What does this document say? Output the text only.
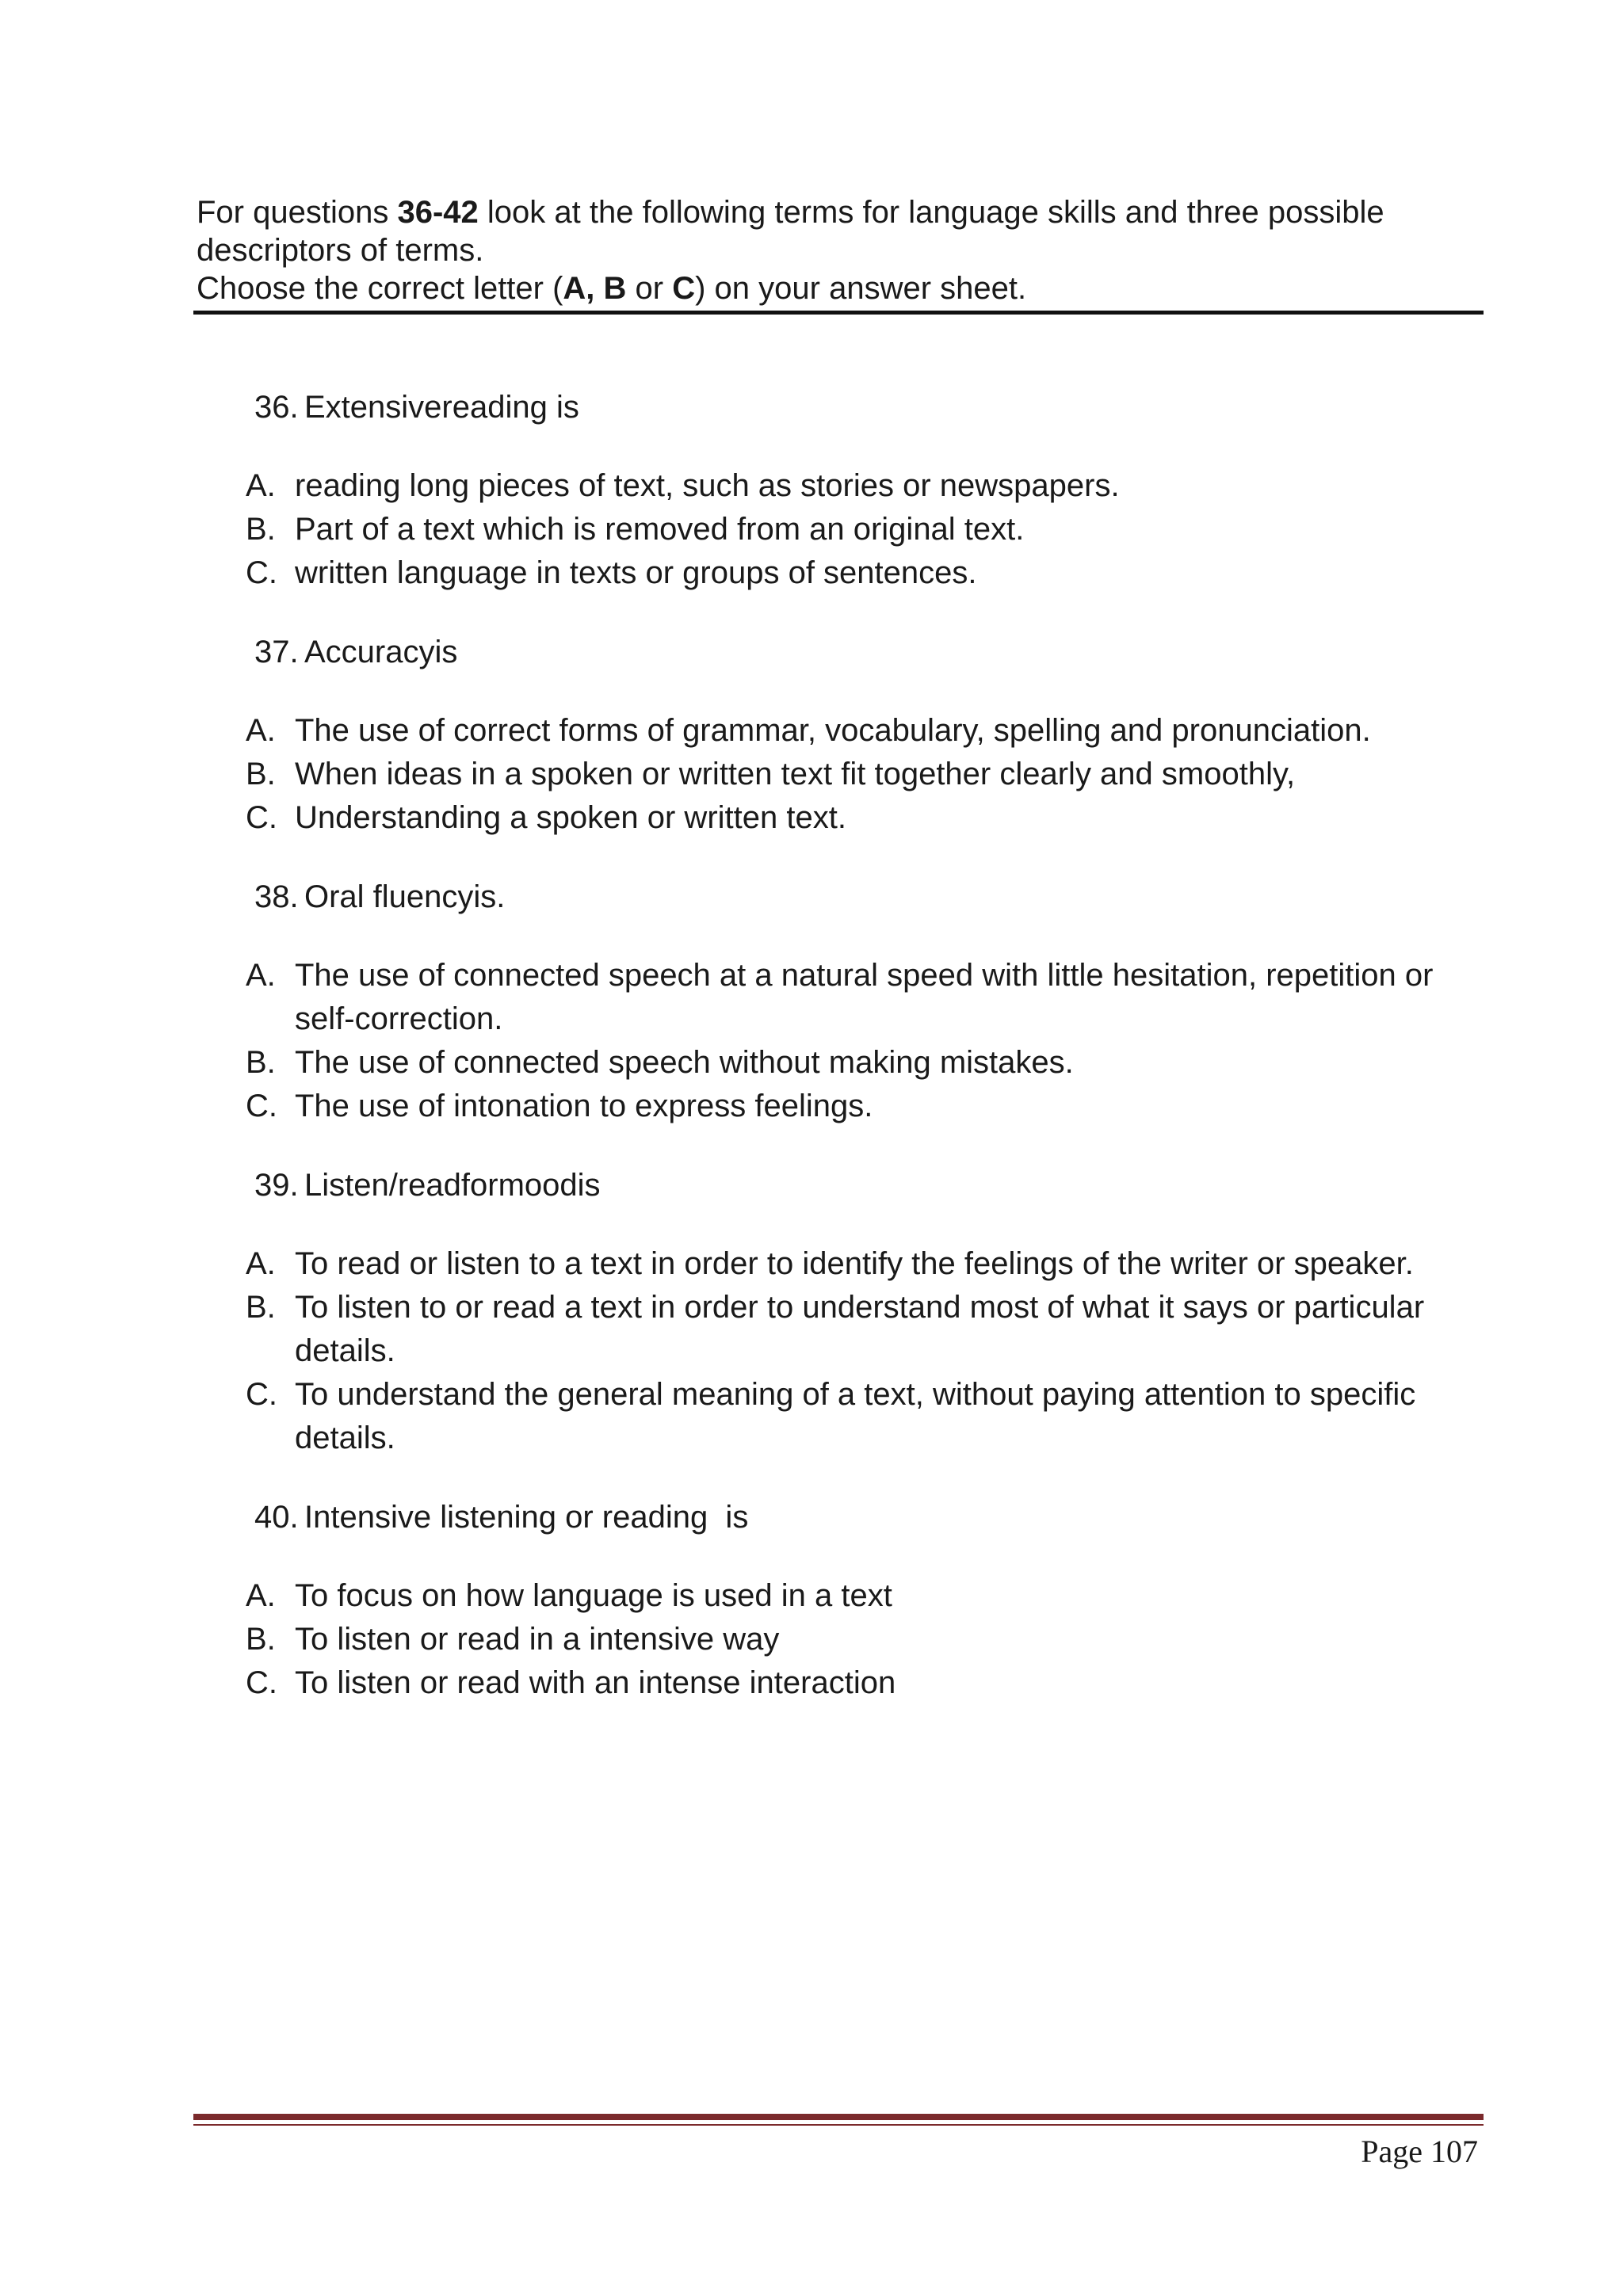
For questions 36-42 look at the following terms for language skills and three possible descriptors of terms.

Choose the correct letter (A, B or C) on your answer sheet.

36. Extensivereading is
A. reading long pieces of text, such as stories or newspapers.
B. Part of a text which is removed from an original text.
C. written language in texts or groups of sentences.
37. Accuracyis
A. The use of correct forms of grammar, vocabulary, spelling and pronunciation.
B. When ideas in a spoken or written text fit together clearly and smoothly,
C. Understanding a spoken or written text.
38. Oral fluencyis.
A. The use of connected speech at a natural speed with little hesitation, repetition or self-correction.
B. The use of connected speech without making mistakes.
C. The use of intonation to express feelings.
39. Listen/readformoodis
A. To read or listen to a text in order to identify the feelings of the writer or speaker.
B. To listen to or read a text in order to understand most of what it says or particular details.
C. To understand the general meaning of a text, without paying attention to specific details.
40. Intensive listening or reading  is
A. To focus on how language is used in a text
B. To listen or read in a intensive way
C. To listen or read with an intense interaction
Page 107
